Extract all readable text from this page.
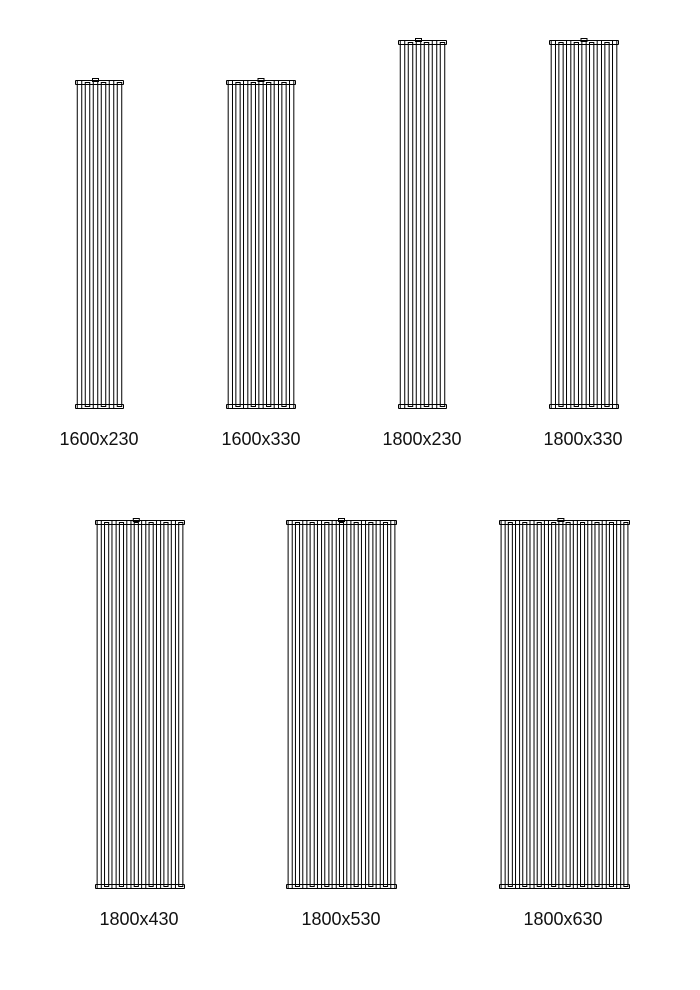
1600x230	1600x330	1800x230	1800x330
1800x430	1800x530	1800x630
